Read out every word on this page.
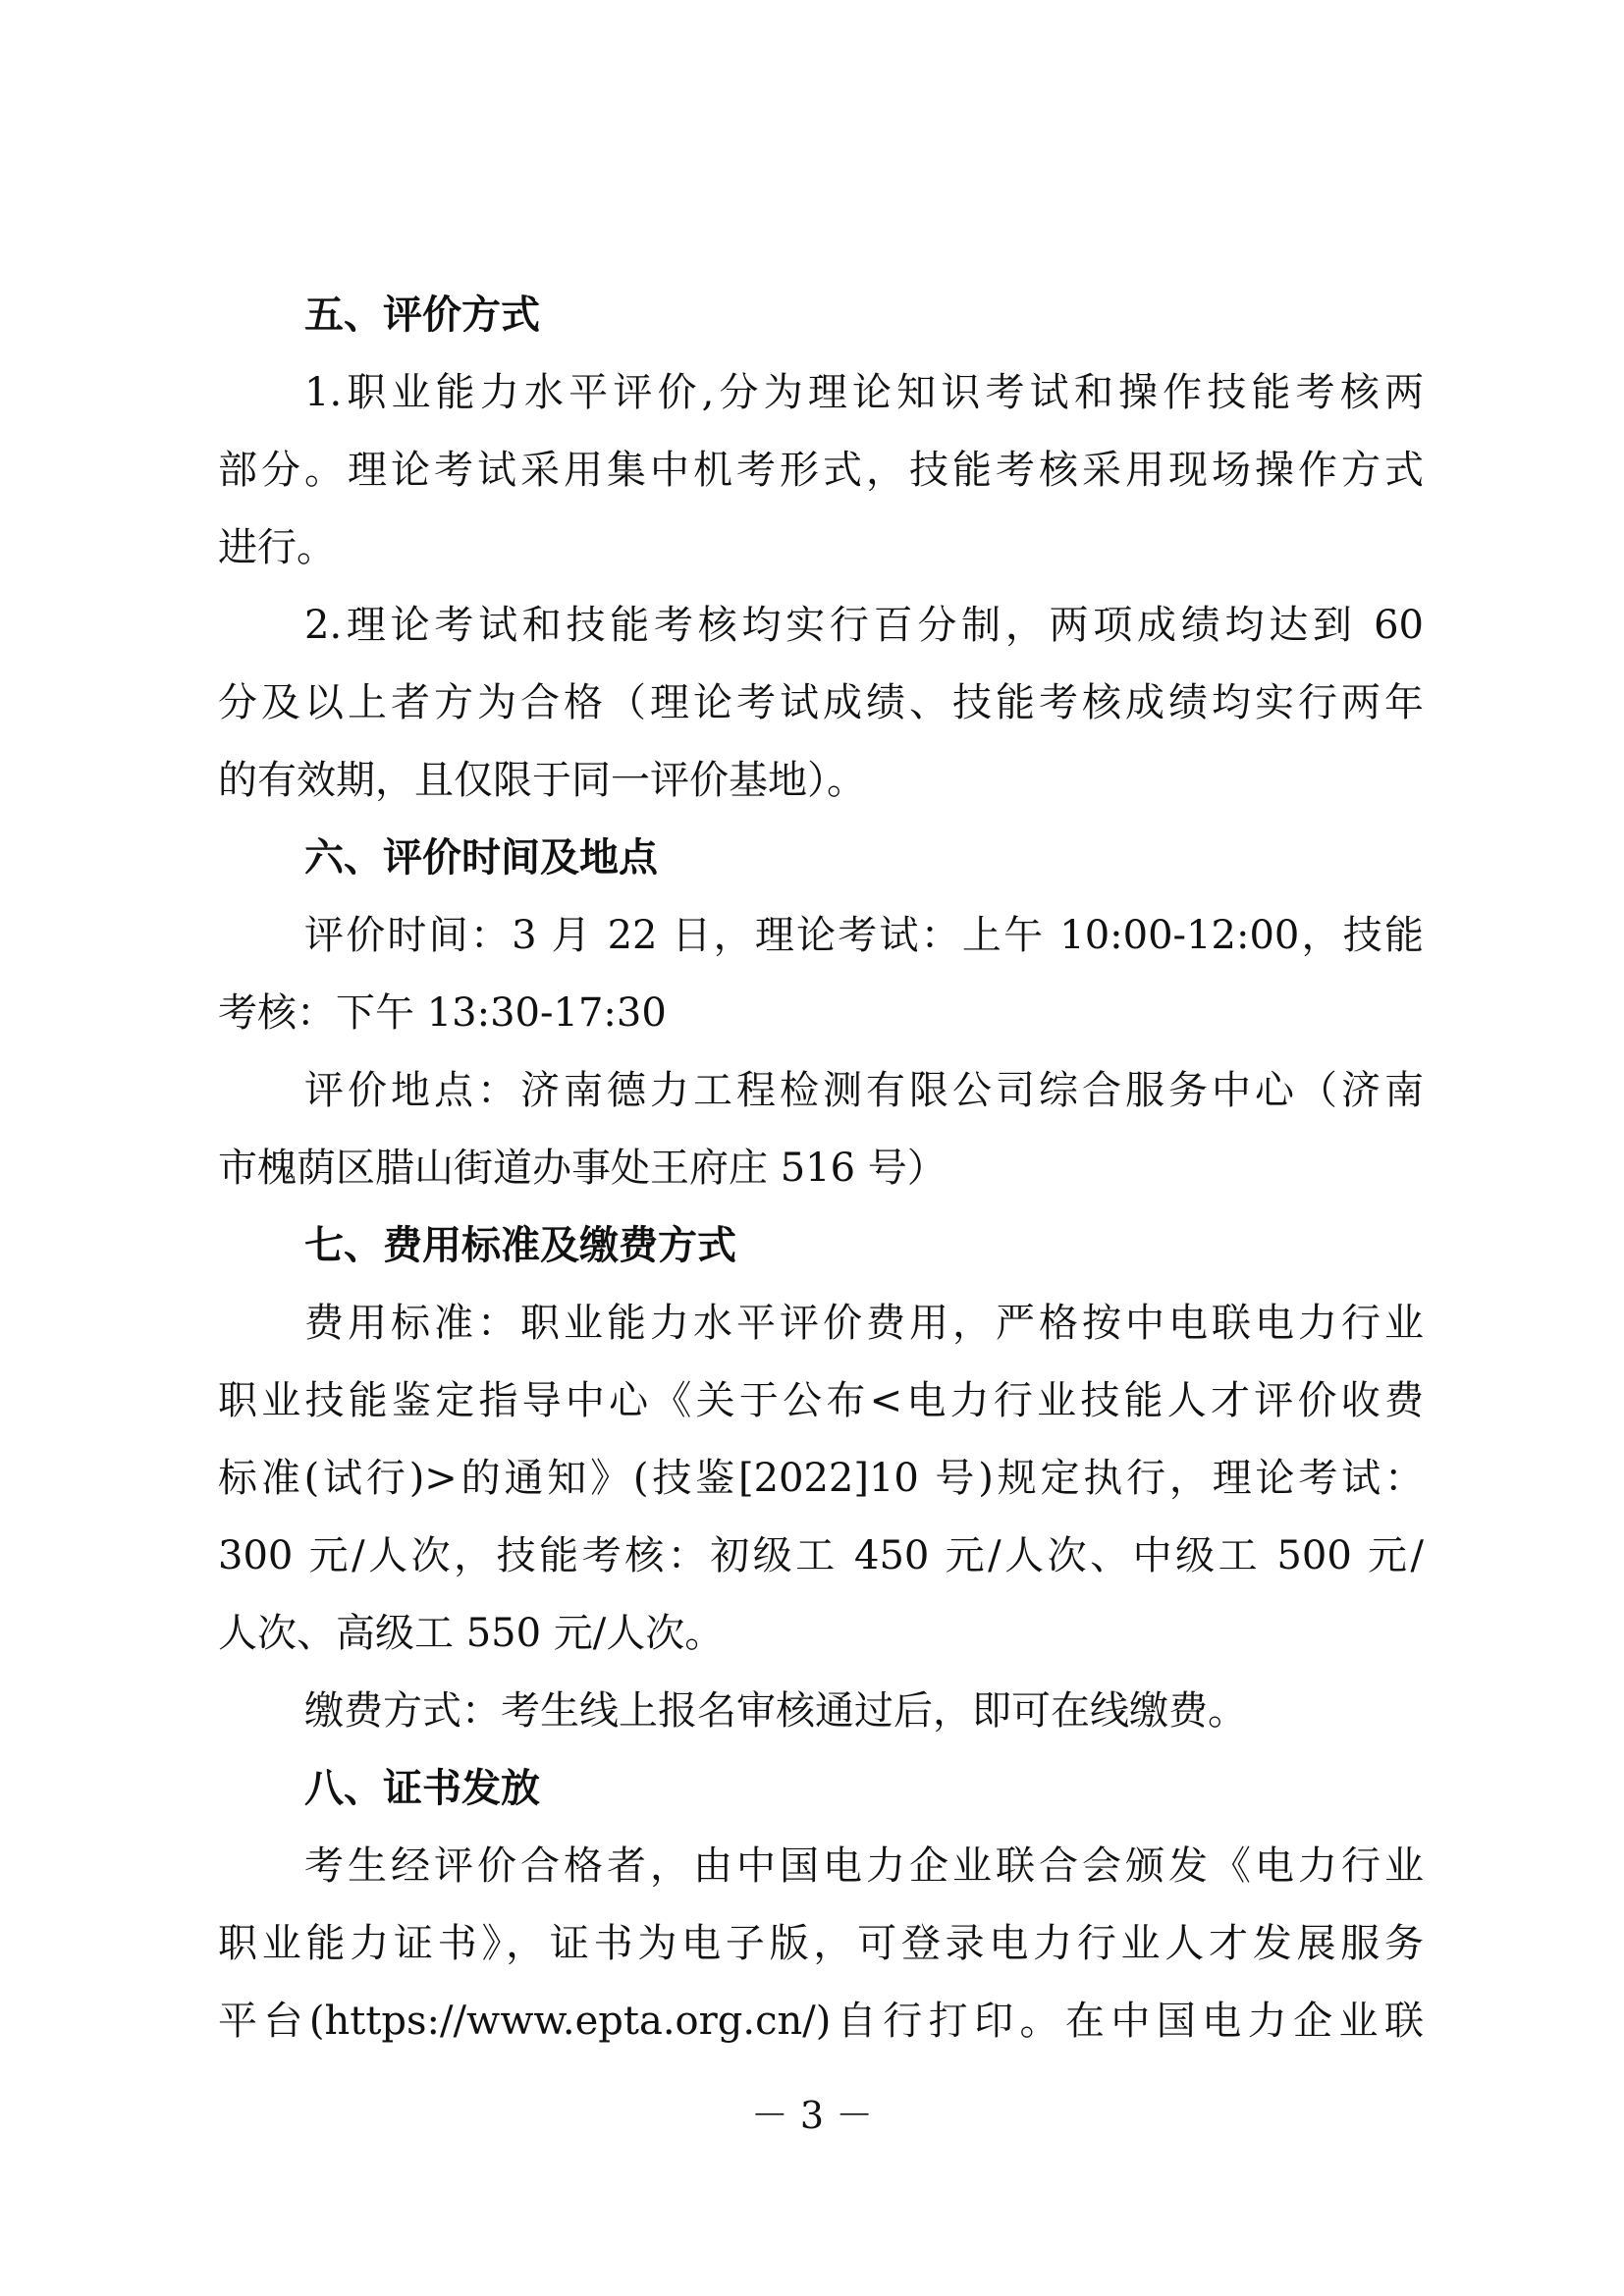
五、评价方式
1.职业能力水平评价,分为理论知识考试和操作技能考核两
部分。理论考试采用集中机考形式，技能考核采用现场操作方式
进行。
2.理论考试和技能考核均实行百分制，两项成绩均达到 60
分及以上者方为合格（理论考试成绩、技能考核成绩均实行两年
的有效期，且仅限于同一评价基地）。
六、评价时间及地点
评价时间：3 月 22 日，理论考试：上午 10:00-12:00，技能
考核：下午 13:30-17:30
评价地点：济南德力工程检测有限公司综合服务中心（济南
市槐荫区腊山街道办事处王府庄 516 号）
七、费用标准及缴费方式
费用标准：职业能力水平评价费用，严格按中电联电力行业
职业技能鉴定指导中心《关于公布<电力行业技能人才评价收费
标准(试行)>的通知》(技鉴[2022]10 号)规定执行，理论考试：
300 元/人次，技能考核：初级工 450 元/人次、中级工 500 元/
人次、高级工 550 元/人次。
缴费方式：考生线上报名审核通过后，即可在线缴费。
八、证书发放
考生经评价合格者，由中国电力企业联合会颁发《电力行业
职业能力证书》，证书为电子版，可登录电力行业人才发展服务
平台(https://www.epta.org.cn/)自行打印。在中国电力企业联
－ 3 －
